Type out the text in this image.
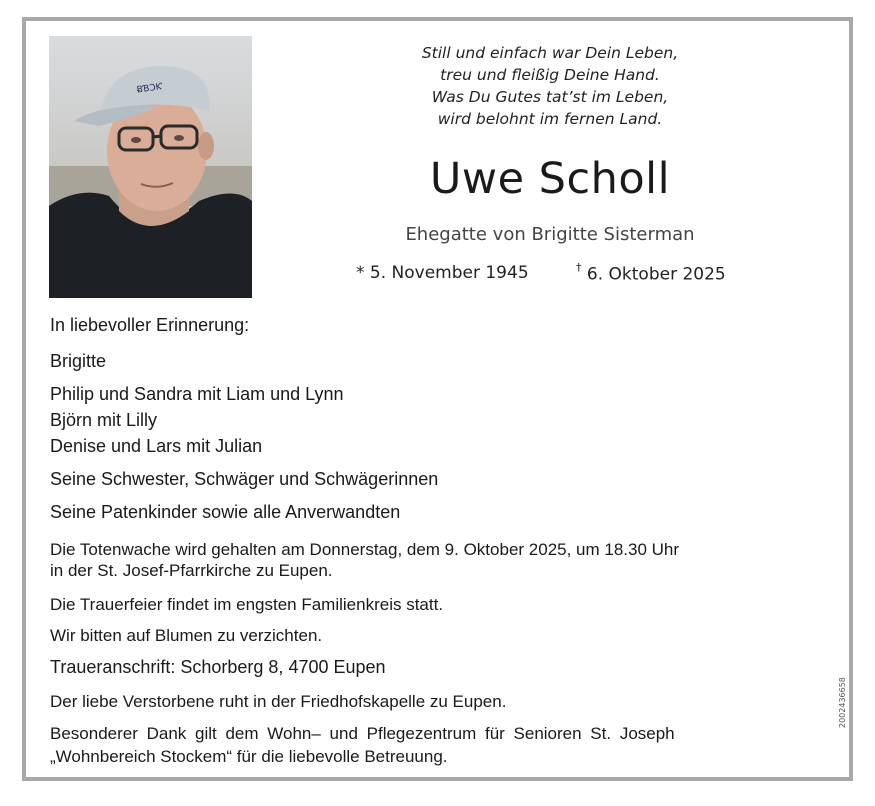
ɃƁƆƘ
Still und einfach war Dein Leben,
treu und fleißig Deine Hand.
Was Du Gutes tat’st im Leben,
wird belohnt im fernen Land.
Uwe Scholl
Ehegatte von Brigitte Sisterman
* 5. November 1945	† 6. Oktober 2025
In liebevoller Erinnerung:
Brigitte
Philip und Sandra mit Liam und Lynn
Björn mit Lilly
Denise und Lars mit Julian
Seine Schwester, Schwäger und Schwägerinnen
Seine Patenkinder sowie alle Anverwandten
Die Totenwache wird gehalten am Donnerstag, dem 9. Oktober 2025, um 18.30 Uhr
in der St. Josef-Pfarrkirche zu Eupen.
Die Trauerfeier findet im engsten Familienkreis statt.
Wir bitten auf Blumen zu verzichten.
Traueranschrift: Schorberg 8, 4700 Eupen
Der liebe Verstorbene ruht in der Friedhofskapelle zu Eupen.
Besonderer Dank gilt dem Wohn– und Pflegezentrum für Senioren St. Joseph
„Wohnbereich Stockem“ für die liebevolle Betreuung.
2002436658
